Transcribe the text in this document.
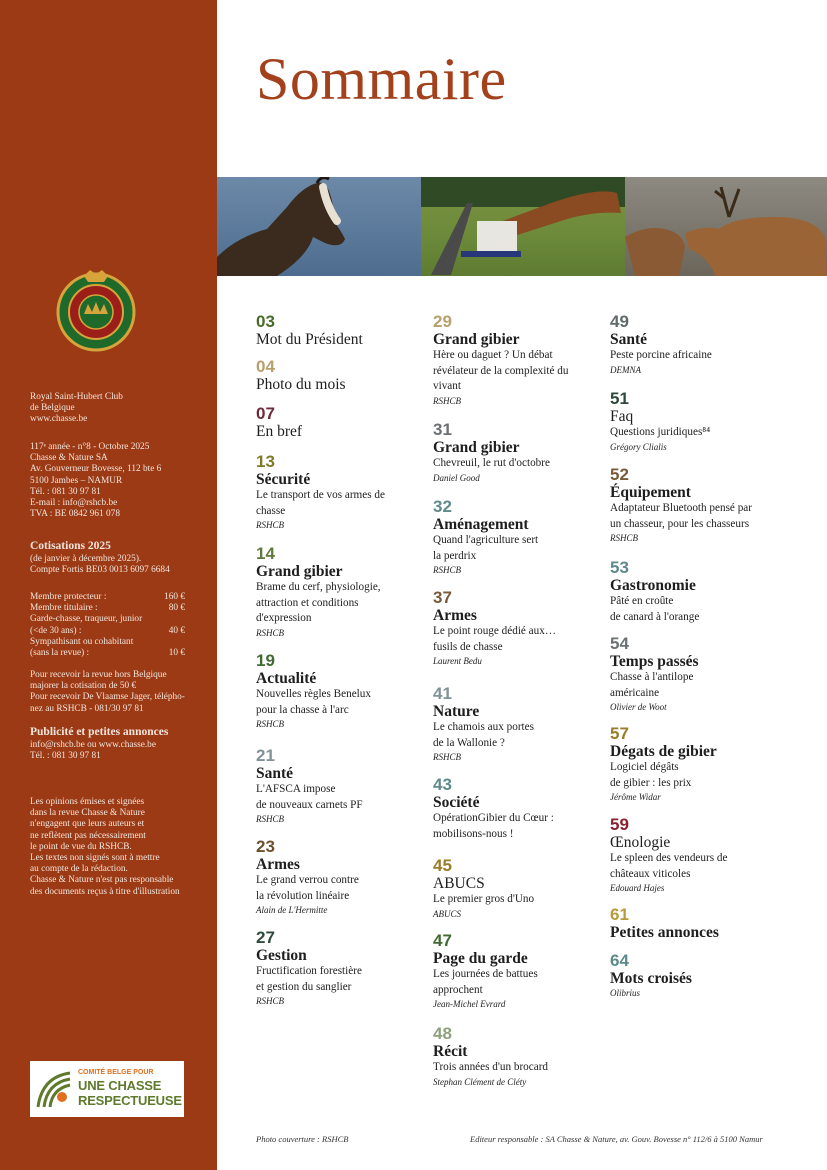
Royal Saint-Hubert Club
de Belgique
www.chasse.be
117ᵉ année - n°8 - Octobre 2025
Chasse & Nature SA
Av. Gouverneur Bovesse, 112 bte 6
5100 Jambes – NAMUR
Tél. : 081 30 97 81
E-mail : info@rshcb.be
TVA : BE 0842 961 078
Cotisations 2025
(de janvier à décembre 2025).
Compte Fortis BE03 0013 6097 6684
Membre protecteur :	160 €
Membre titulaire :	80 €
Garde-chasse, traqueur, junior
(<de 30 ans) :	40 €
Sympathisant ou cohabitant
(sans la revue) :	10 €
Pour recevoir la revue hors Belgique
majorer la cotisation de 50 €
Pour recevoir De Vlaamse Jager, télépho-
nez au RSHCB - 081/30 97 81
Publicité et petites annonces
info@rshcb.be ou www.chasse.be
Tél. : 081 30 97 81
Les opinions émises et signées
dans la revue Chasse & Nature
n'engagent que leurs auteurs et
ne reflètent pas nécessairement
le point de vue du RSHCB.
Les textes non signés sont à mettre
au compte de la rédaction.
Chasse & Nature n'est pas responsable
des documents reçus à titre d'illustration
COMITÉ BELGE POUR
UNE CHASSE
RESPECTUEUSE
Sommaire
03
Mot du Président
04
Photo du mois
07
En bref
13
Sécurité
Le transport de vos armes de
chasse
RSHCB
14
Grand gibier
Brame du cerf, physiologie,
attraction et conditions
d'expression
RSHCB
19
Actualité
Nouvelles règles Benelux
pour la chasse à l'arc
RSHCB
21
Santé
L'AFSCA impose
de nouveaux carnets PF
RSHCB
23
Armes
Le grand verrou contre
la révolution linéaire
Alain de L'Hermitte
27
Gestion
Fructification forestière
et gestion du sanglier
RSHCB
29
Grand gibier
Hère ou daguet ? Un débat
révélateur de la complexité du
vivant
RSHCB
31
Grand gibier
Chevreuil, le rut d'octobre
Daniel Good
32
Aménagement
Quand l'agriculture sert
la perdrix
RSHCB
37
Armes
Le point rouge dédié aux…
fusils de chasse
Laurent Bedu
41
Nature
Le chamois aux portes
de la Wallonie ?
RSHCB
43
Société
OpérationGibier du Cœur :
mobilisons-nous !
45
ABUCS
Le premier gros d'Uno
ABUCS
47
Page du garde
Les journées de battues
approchent
Jean-Michel Evrard
48
Récit
Trois années d'un brocard
Stephan Clément de Cléty
49
Santé
Peste porcine africaine
DEMNA
51
Faq
Questions juridiques⁸⁴
Grégory Clialis
52
Équipement
Adaptateur Bluetooth pensé par
un chasseur, pour les chasseurs
RSHCB
53
Gastronomie
Pâté en croûte
de canard à l'orange
54
Temps passés
Chasse à l'antilope
américaine
Olivier de Woot
57
Dégats de gibier
Logiciel dégâts
de gibier : les prix
Jérôme Widar
59
Œnologie
Le spleen des vendeurs de
châteaux viticoles
Edouard Hajes
61
Petites annonces
64
Mots croisés
Olibrius
Photo couverture : RSHCB	Editeur responsable : SA Chasse & Nature, av. Gouv. Bovesse n° 112/6 à 5100 Namur
